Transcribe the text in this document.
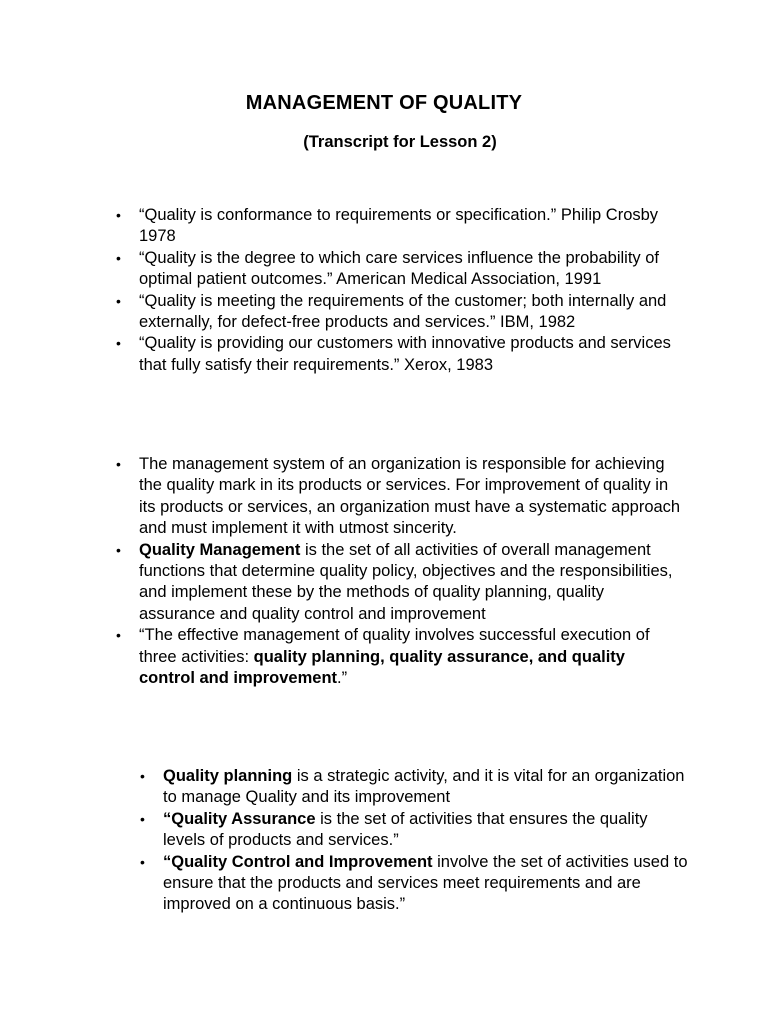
MANAGEMENT OF QUALITY
(Transcript for Lesson 2)
• “Quality is conformance to requirements or specification.” Philip Crosby 1978
• “Quality is the degree to which care services influence the probability of optimal patient outcomes.” American Medical Association, 1991
• “Quality is meeting the requirements of the customer; both internally and externally, for defect-free products and services.” IBM, 1982
• “Quality is providing our customers with innovative products and services that fully satisfy their requirements.” Xerox, 1983
• The management system of an organization is responsible for achieving the quality mark in its products or services. For improvement of quality in its products or services, an organization must have a systematic approach and must implement it with utmost sincerity.
• Quality Management is the set of all activities of overall management functions that determine quality policy, objectives and the responsibilities, and implement these by the methods of quality planning, quality assurance and quality control and improvement
• “The effective management of quality involves successful execution of three activities: quality planning, quality assurance, and quality control and improvement.”
• Quality planning is a strategic activity, and it is vital for an organization to manage Quality and its improvement
• “Quality Assurance is the set of activities that ensures the quality levels of products and services.”
• “Quality Control and Improvement involve the set of activities used to ensure that the products and services meet requirements and are improved on a continuous basis.”
